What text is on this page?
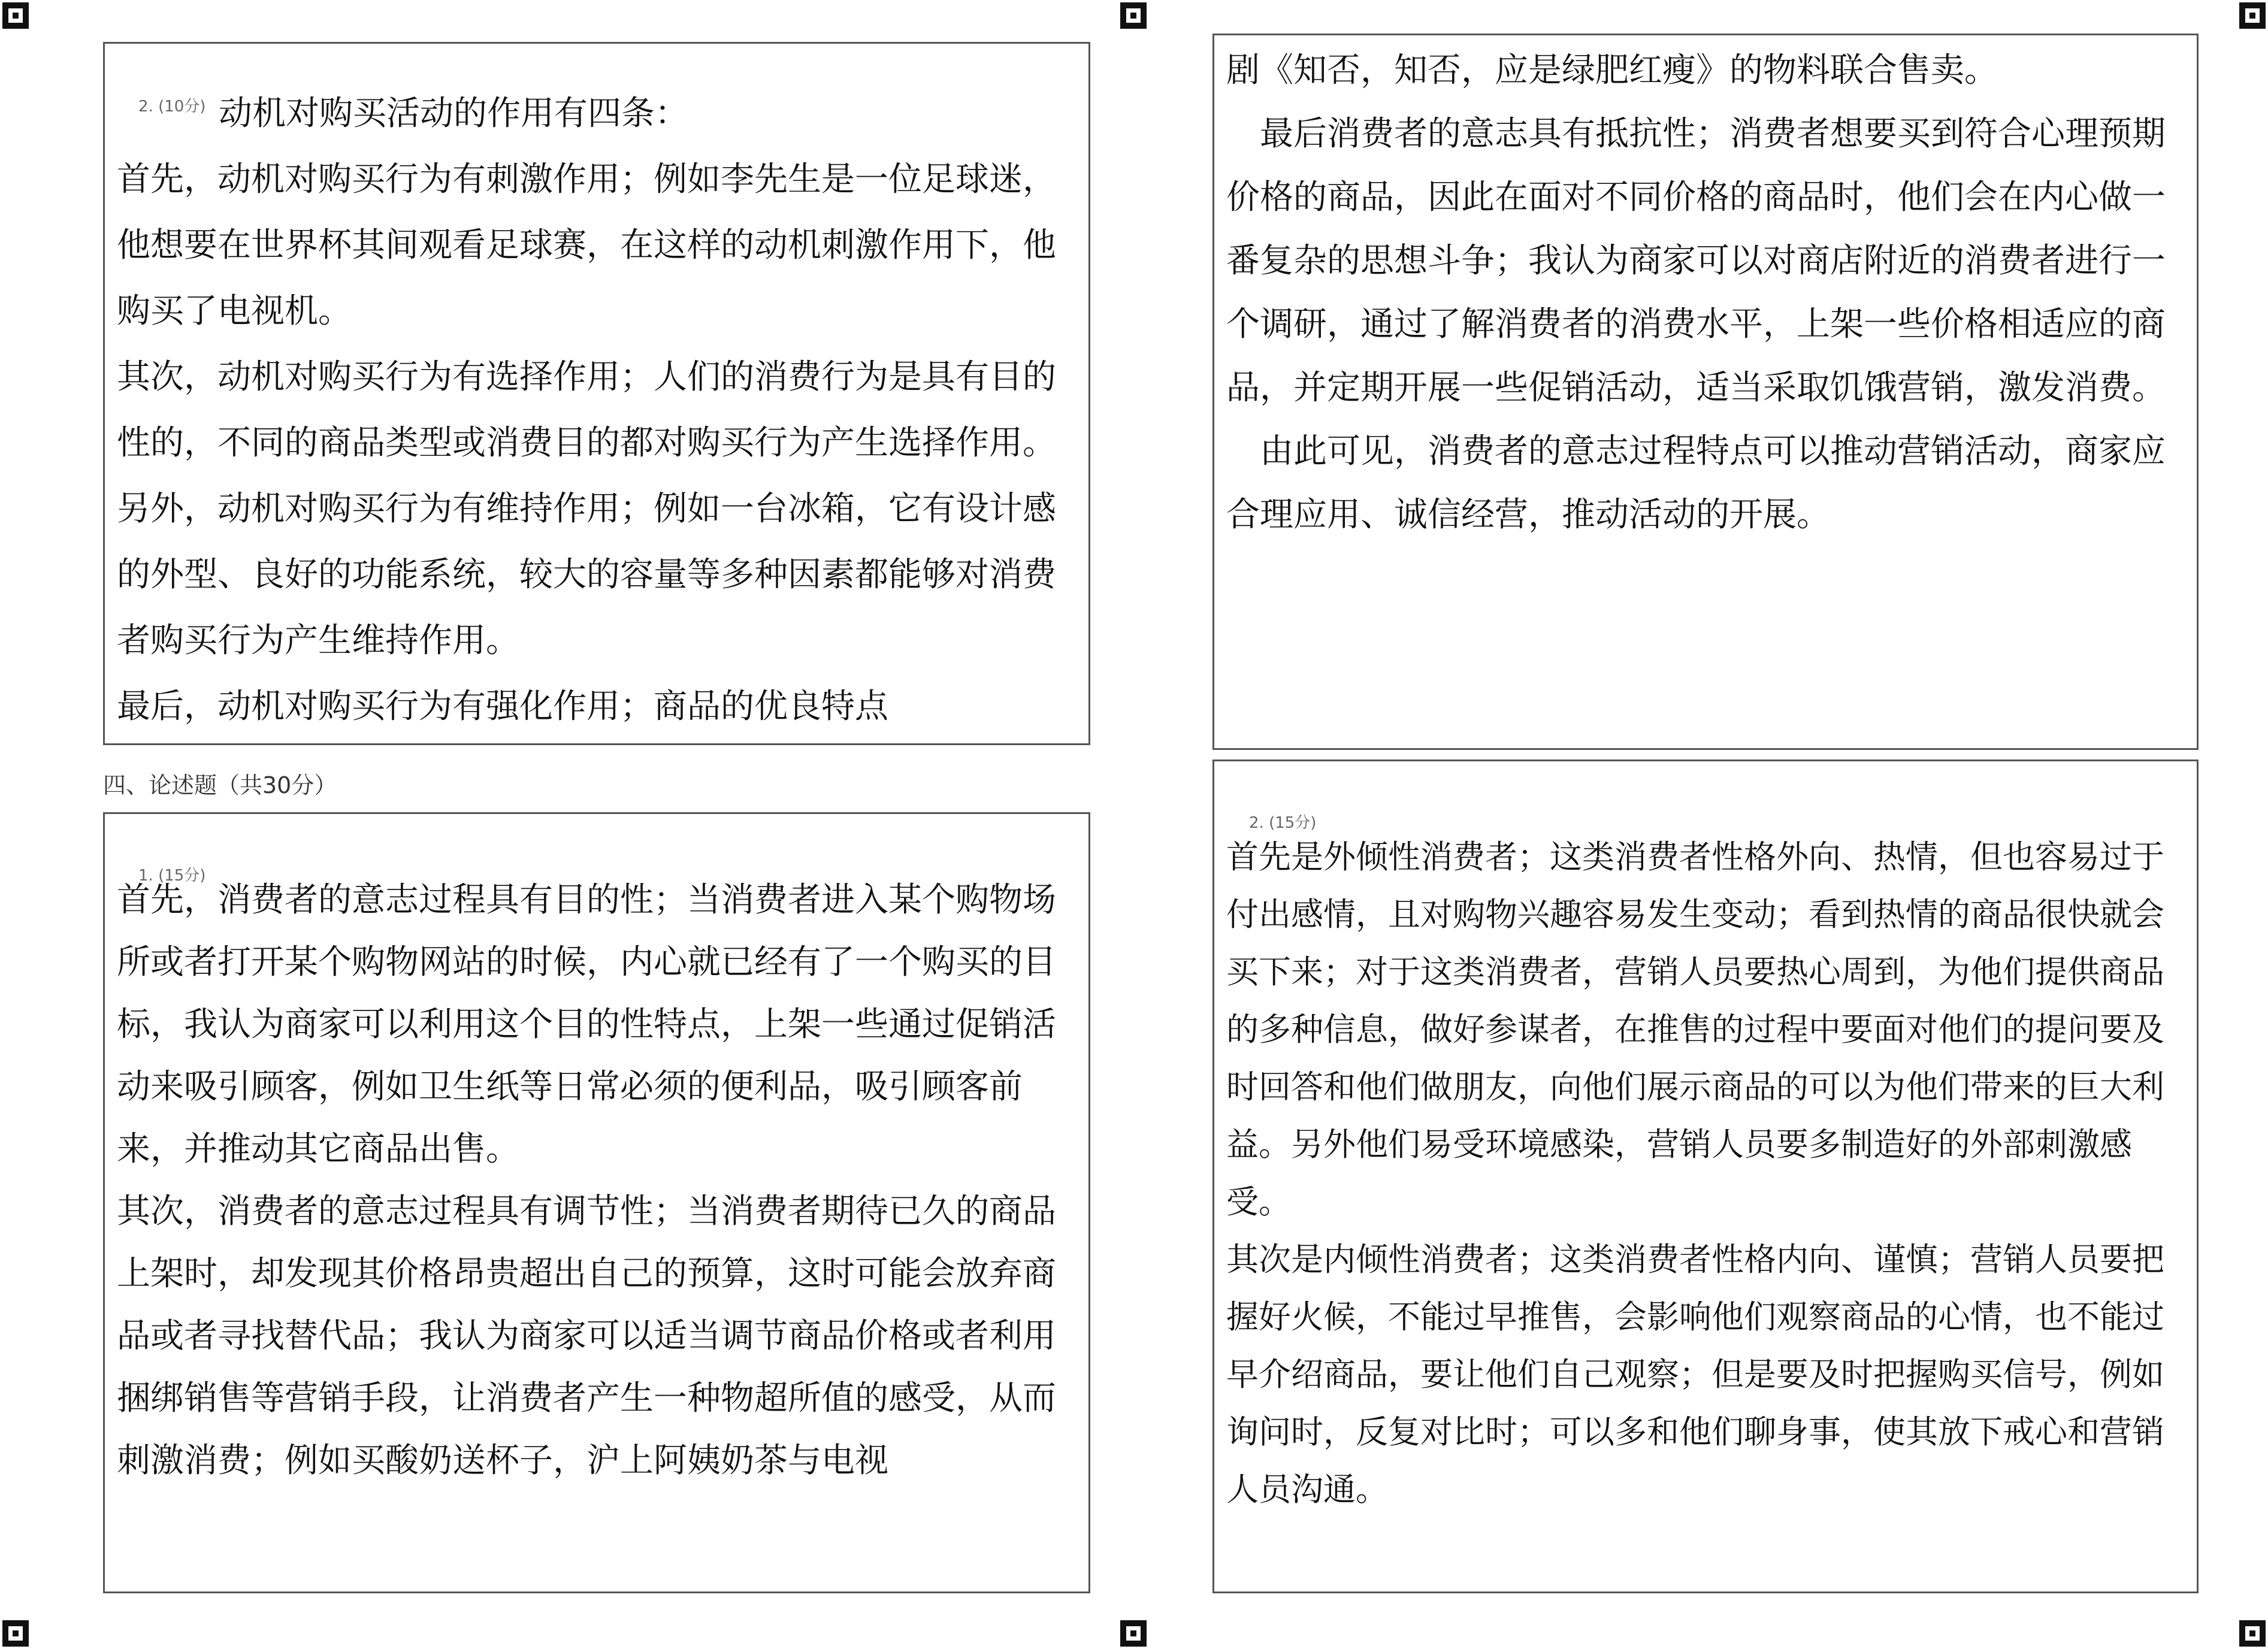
2. (10分) 动机对购买活动的作用有四条：
首先，动机对购买行为有刺激作用；例如李先生是一位足球迷，他想要在世界杯其间观看足球赛，在这样的动机刺激作用下，他购买了电视机。
其次，动机对购买行为有选择作用；人们的消费行为是具有目的性的，不同的商品类型或消费目的都对购买行为产生选择作用。
另外，动机对购买行为有维持作用；例如一台冰箱，它有设计感的外型、良好的功能系统，较大的容量等多种因素都能够对消费者购买行为产生维持作用。
最后，动机对购买行为有强化作用；商品的优良特点
四、论述题（共30分）
1. (15分)
首先，消费者的意志过程具有目的性；当消费者进入某个购物场所或者打开某个购物网站的时候，内心就已经有了一个购买的目标，我认为商家可以利用这个目的性特点，上架一些通过促销活动来吸引顾客，例如卫生纸等日常必须的便利品，吸引顾客前来，并推动其它商品出售。
其次，消费者的意志过程具有调节性；当消费者期待已久的商品上架时，却发现其价格昂贵超出自己的预算，这时可能会放弃商品或者寻找替代品；我认为商家可以适当调节商品价格或者利用捆绑销售等营销手段，让消费者产生一种物超所值的感受，从而刺激消费；例如买酸奶送杯子，沪上阿姨奶茶与电视
剧《知否，知否，应是绿肥红瘦》的物料联合售卖。
　最后消费者的意志具有抵抗性；消费者想要买到符合心理预期价格的商品，因此在面对不同价格的商品时，他们会在内心做一番复杂的思想斗争；我认为商家可以对商店附近的消费者进行一个调研，通过了解消费者的消费水平，上架一些价格相适应的商品，并定期开展一些促销活动，适当采取饥饿营销，激发消费。
　由此可见，消费者的意志过程特点可以推动营销活动，商家应合理应用、诚信经营，推动活动的开展。
2. (15分)
首先是外倾性消费者；这类消费者性格外向、热情，但也容易过于付出感情，且对购物兴趣容易发生变动；看到热情的商品很快就会买下来；对于这类消费者，营销人员要热心周到，为他们提供商品的多种信息，做好参谋者，在推售的过程中要面对他们的提问要及时回答和他们做朋友，向他们展示商品的可以为他们带来的巨大利益。另外他们易受环境感染，营销人员要多制造好的外部刺激感受。
其次是内倾性消费者；这类消费者性格内向、谨慎；营销人员要把握好火候，不能过早推售，会影响他们观察商品的心情，也不能过早介绍商品，要让他们自己观察；但是要及时把握购买信号，例如询问时，反复对比时；可以多和他们聊身事，使其放下戒心和营销人员沟通。
